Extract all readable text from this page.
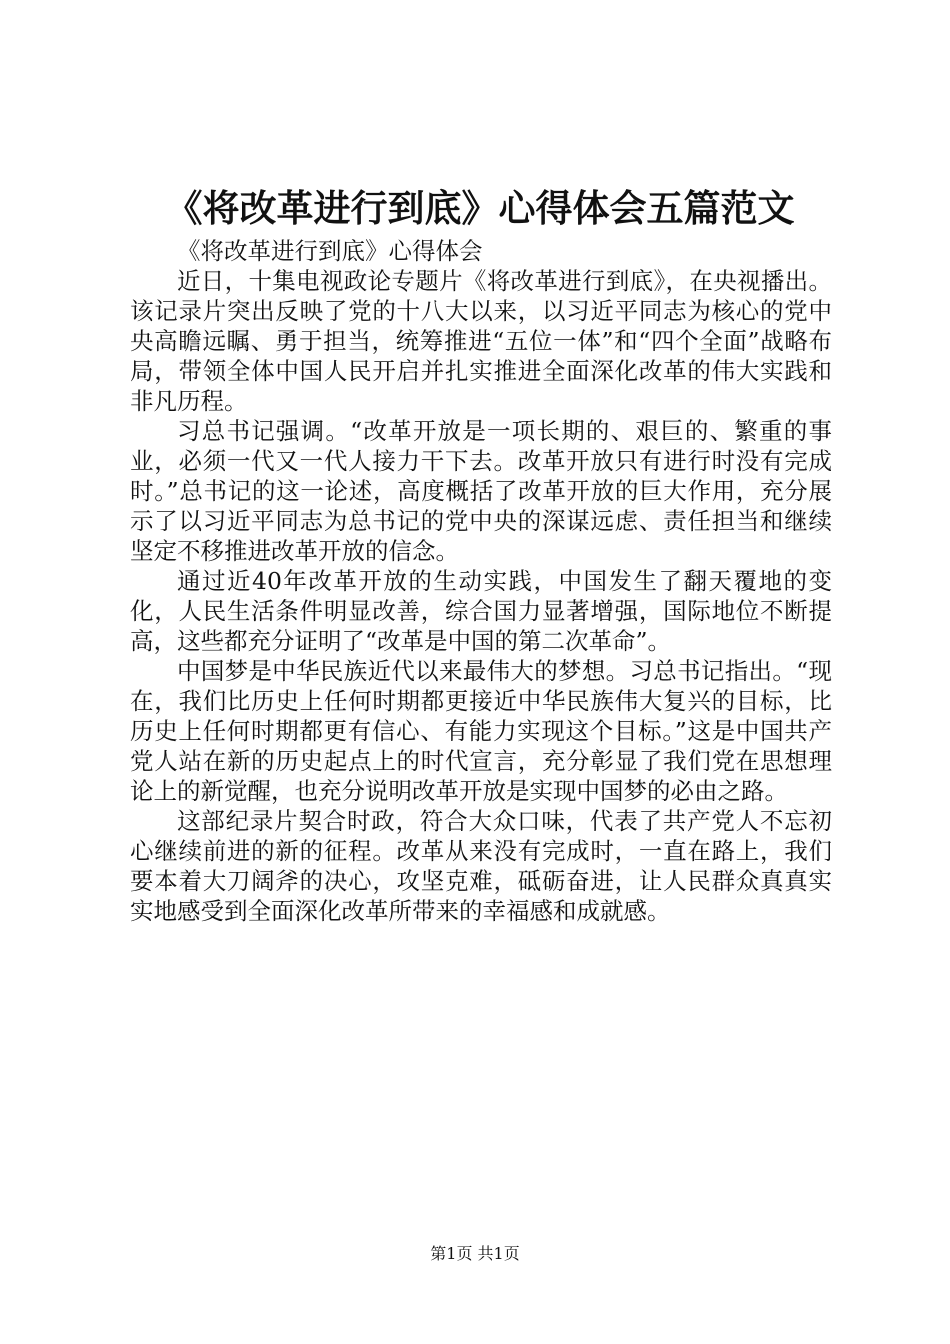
《将改革进行到底》心得体会五篇范文

《将改革进行到底》心得体会

近日，十集电视政论专题片《将改革进行到底》，在央视播出。该记录片突出反映了党的十八大以来，以习近平同志为核心的党中央高瞻远瞩、勇于担当，统筹推进“五位一体”和“四个全面”战略布局，带领全体中国人民开启并扎实推进全面深化改革的伟大实践和非凡历程。

习总书记强调。“改革开放是一项长期的、艰巨的、繁重的事业，必须一代又一代人接力干下去。改革开放只有进行时没有完成时。”总书记的这一论述，高度概括了改革开放的巨大作用，充分展示了以习近平同志为总书记的党中央的深谋远虑、责任担当和继续坚定不移推进改革开放的信念。

通过近40年改革开放的生动实践，中国发生了翻天覆地的变化，人民生活条件明显改善，综合国力显著增强，国际地位不断提高，这些都充分证明了“改革是中国的第二次革命”。

中国梦是中华民族近代以来最伟大的梦想。习总书记指出。“现在，我们比历史上任何时期都更接近中华民族伟大复兴的目标，比历史上任何时期都更有信心、有能力实现这个目标。”这是中国共产党人站在新的历史起点上的时代宣言，充分彰显了我们党在思想理论上的新觉醒，也充分说明改革开放是实现中国梦的必由之路。

这部纪录片契合时政，符合大众口味，代表了共产党人不忘初心继续前进的新的征程。改革从来没有完成时，一直在路上，我们要本着大刀阔斧的决心，攻坚克难，砥砺奋进，让人民群众真真实实地感受到全面深化改革所带来的幸福感和成就感。

第1页 共1页
